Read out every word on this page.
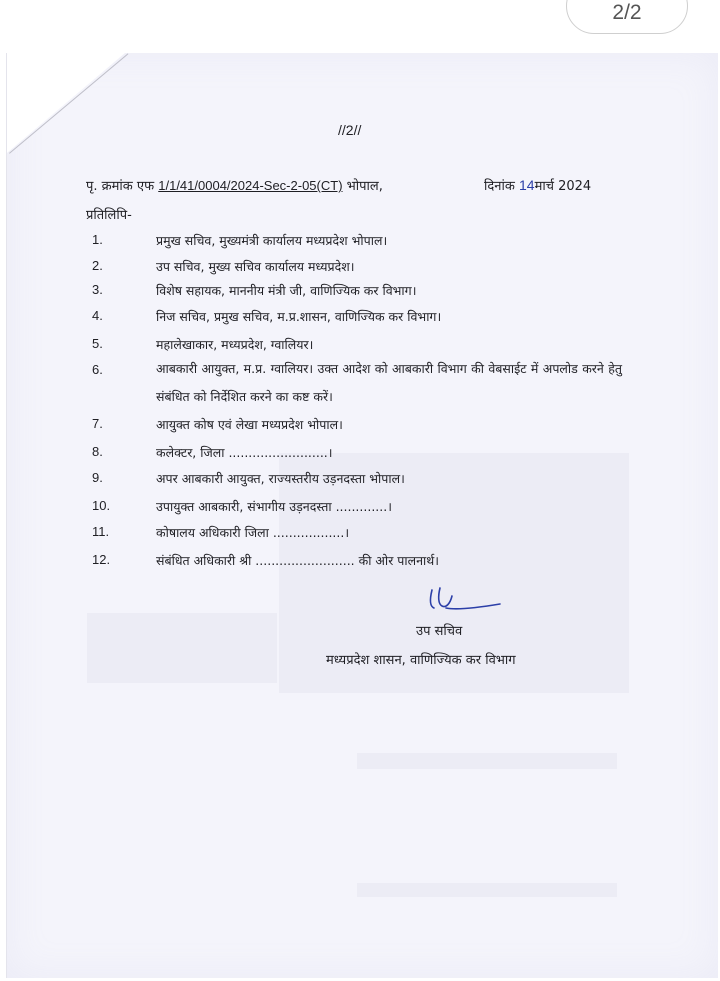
2/2
//2//
पृ. क्रमांक एफ 1/1/41/0004/2024-Sec-2-05(CT) भोपाल,	दिनांक 14मार्च 2024
प्रतिलिपि-
1.	प्रमुख सचिव, मुख्यमंत्री कार्यालय मध्यप्रदेश भोपाल।
2.	उप सचिव, मुख्य सचिव कार्यालय मध्यप्रदेश।
3.	विशेष सहायक, माननीय मंत्री जी, वाणिज्यिक कर विभाग।
4.	निज सचिव, प्रमुख सचिव, म.प्र.शासन, वाणिज्यिक कर विभाग।
5.	महालेखाकार, मध्यप्रदेश, ग्वालियर।
6.	आबकारी आयुक्त, म.प्र. ग्वालियर। उक्त आदेश को आबकारी विभाग की वेबसाईट में अपलोड करने हेतु संबंधित को निर्देशित करने का कष्ट करें।
7.	आयुक्त कोष एवं लेखा मध्यप्रदेश भोपाल।
8.	कलेक्टर, जिला .........................।
9.	अपर आबकारी आयुक्त, राज्यस्तरीय उड़नदस्ता भोपाल।
10.	उपायुक्त आबकारी, संभागीय उड़नदस्ता .............।
11.	कोषालय अधिकारी जिला ..................।
12.	संबंधित अधिकारी श्री ......................... की ओर पालनार्थ।
उप सचिव
मध्यप्रदेश शासन, वाणिज्यिक कर विभाग
